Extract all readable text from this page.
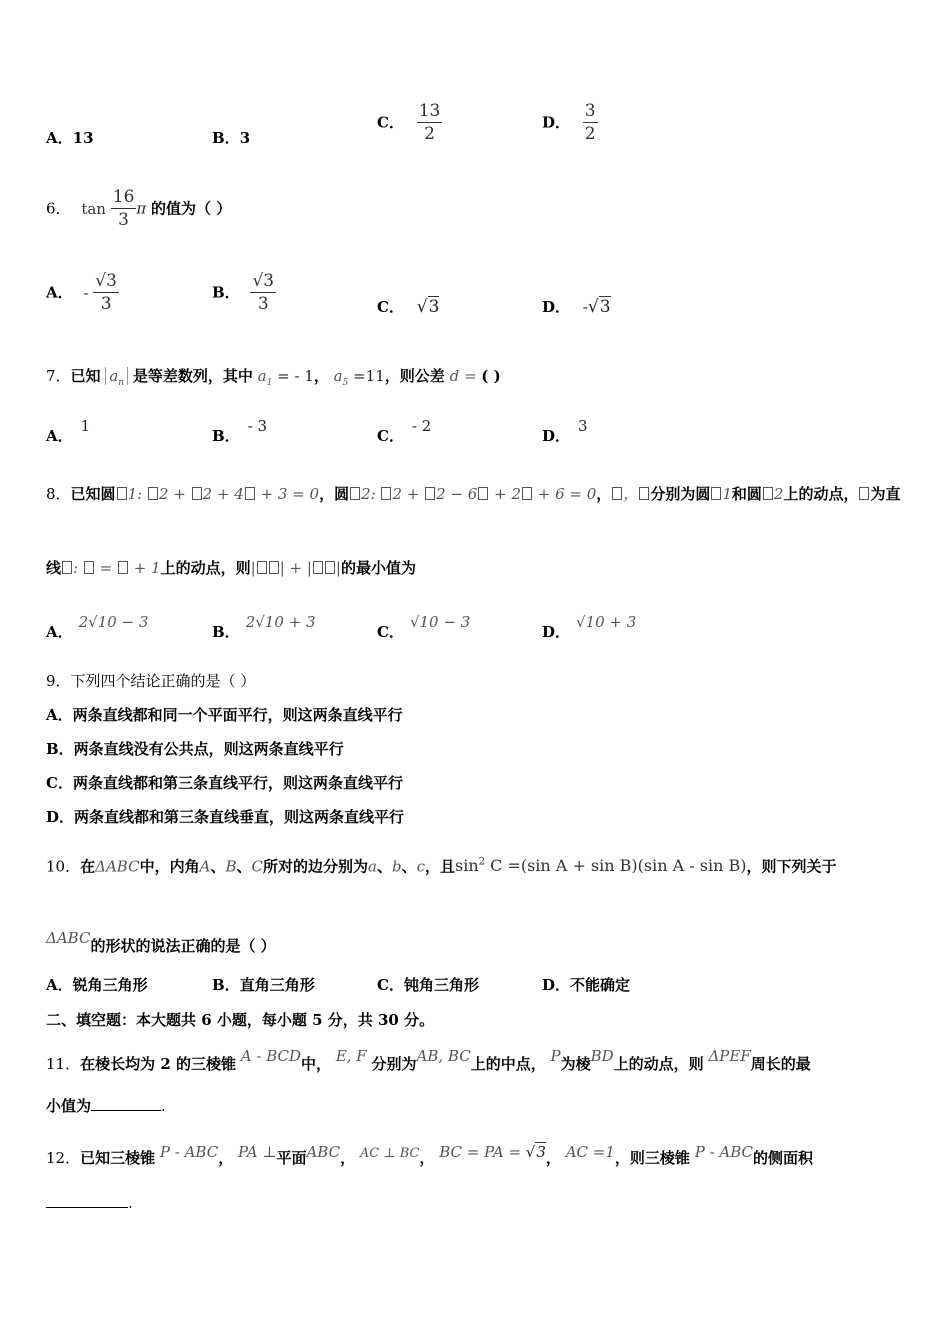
A．13	B．3
C． $\frac{13}{2}$	D． $\frac{3}{2}$
6． $\tan \frac{16}{3}$ π 的值为（ ）
A． - $\frac{√3}{3}$	B． $\frac{√3}{3}$	C． √3	D． -√3
7．已知 $a_n$ 是等差数列，其中 $a_1$ = - 1， $a_5 =11$，则公差 d = ( )
A．1
B．- 3
C．- 2
D．3
8．已知圆 1: 2 + 2 + 4 + 3 = 0，圆 2: 2 + 2 − 6 + 2 + 6 = 0， ， 分别为圆 1和圆 2上的动点， 为直
线 :  =  + 1上的动点，则| | + | |的最小值为
A．2√10 − 3
B．2√10 + 3
C．√10 − 3
D．√10 + 3
9．下列四个结论正确的是（ ）
A．两条直线都和同一个平面平行，则这两条直线平行
B．两条直线没有公共点，则这两条直线平行
C．两条直线都和第三条直线平行，则这两条直线平行
D．两条直线都和第三条直线垂直，则这两条直线平行
10．在ΔABC中，内角A、B、C所对的边分别为a、b、c，且$\sin^2 C =(\sin$ A + sin B)(sin A - sin B)，则下列关于
ΔABC的形状的说法正确的是（ ）
A．锐角三角形	B．直角三角形	C．钝角三角形	D．不能确定
二、填空题：本大题共 6 小题，每小题 5 分，共 30 分。
11．在棱长均为 2 的三棱锥 A - BCD中， E, F 分别为AB, BC上的中点， P为棱BD上的动点，则 ΔPEF周长的最
小值为	.
12．已知三棱锥 P - ABC， PA ⊥平面ABC， AC ⊥ BC， BC = PA = √3， AC =1，则三棱锥 P - ABC的侧面积
.
